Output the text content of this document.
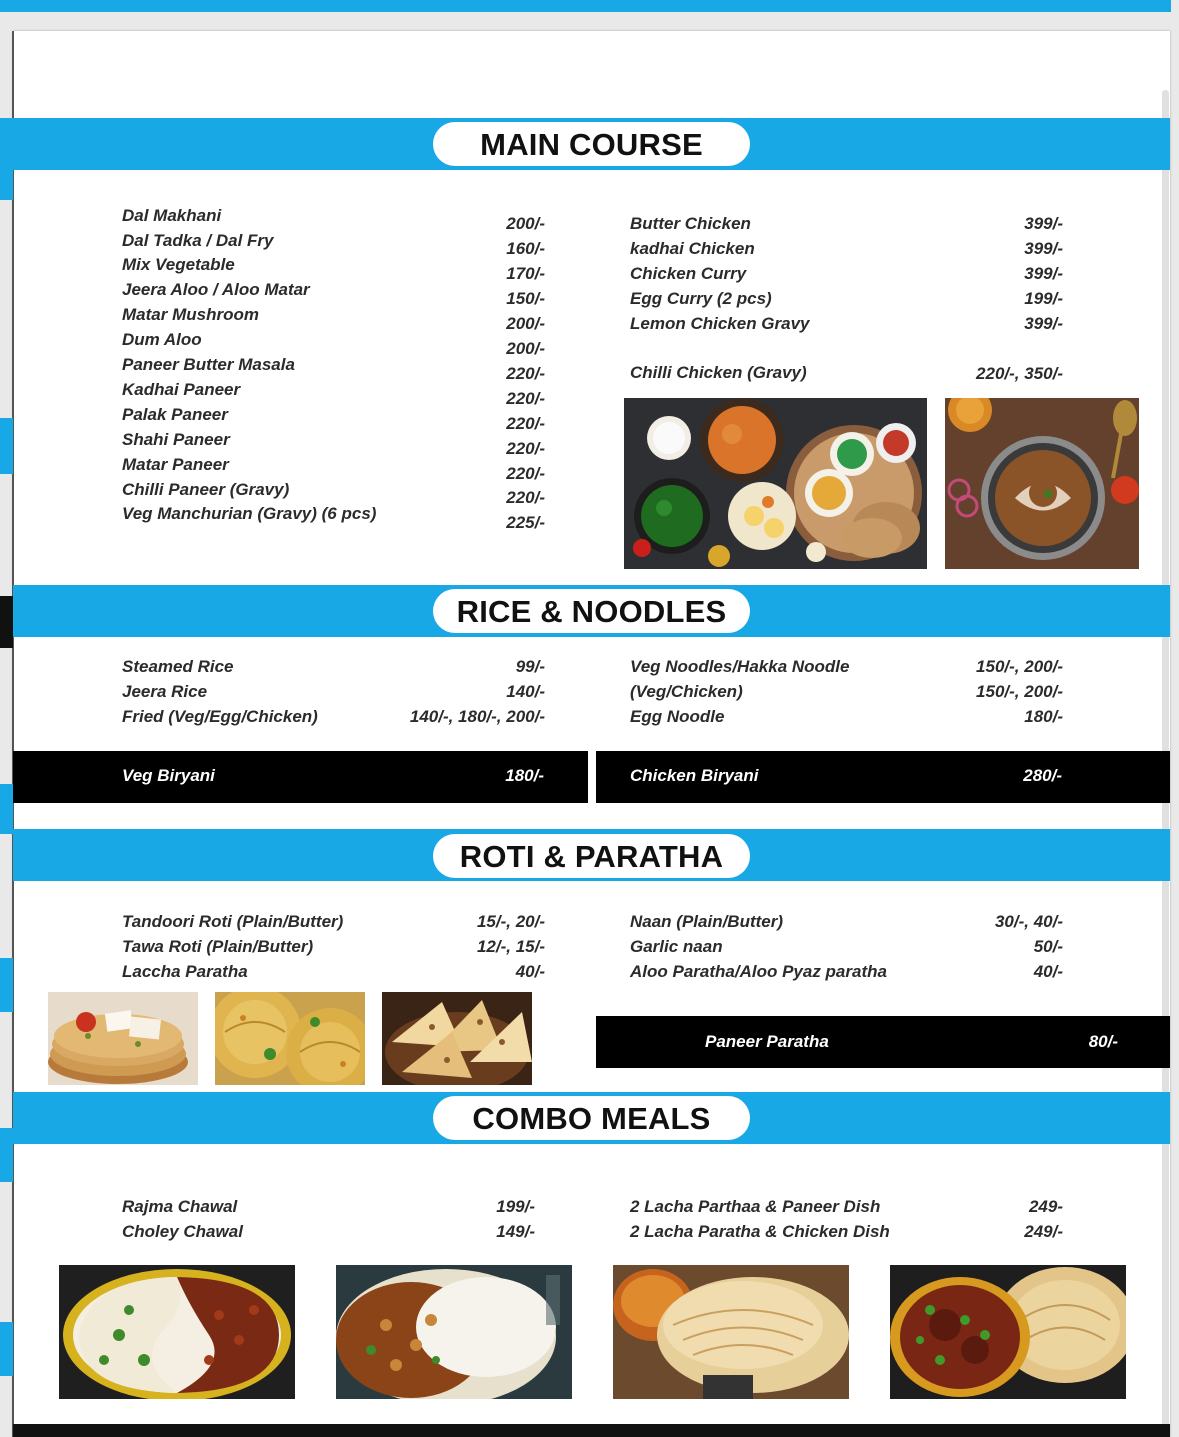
MAIN COURSE
Dal Makhani	200/-
Dal Tadka / Dal Fry	160/-
Mix Vegetable	170/-
Jeera Aloo / Aloo Matar	150/-
Matar Mushroom	200/-
Dum Aloo	200/-
Paneer Butter Masala	220/-
Kadhai Paneer	220/-
Palak Paneer	220/-
Shahi Paneer	220/-
Matar Paneer	220/-
Chilli Paneer (Gravy)	220/-
Veg Manchurian (Gravy) (6 pcs)	225/-
Butter Chicken	399/-
kadhai Chicken	399/-
Chicken Curry	399/-
Egg Curry (2 pcs)	199/-
Lemon Chicken Gravy	399/-
Chilli Chicken (Gravy)	220/-, 350/-
RICE & NOODLES
Steamed Rice	99/-
Jeera Rice	140/-
Fried (Veg/Egg/Chicken)	140/-, 180/-, 200/-
Veg Noodles/Hakka Noodle	150/-, 200/-
(Veg/Chicken)	150/-, 200/-
Egg Noodle	180/-
Veg Biryani	180/-	Chicken Biryani	280/-
ROTI & PARATHA
Tandoori Roti (Plain/Butter)	15/-, 20/-
Tawa Roti (Plain/Butter)	12/-, 15/-
Laccha Paratha	40/-
Naan (Plain/Butter)	30/-, 40/-
Garlic naan	50/-
Aloo Paratha/Aloo Pyaz paratha	40/-
Paneer Paratha	80/-
COMBO MEALS
Rajma Chawal	199/-
Choley Chawal	149/-
2 Lacha Parthaa & Paneer Dish	249-
2 Lacha Paratha & Chicken Dish	249/-
